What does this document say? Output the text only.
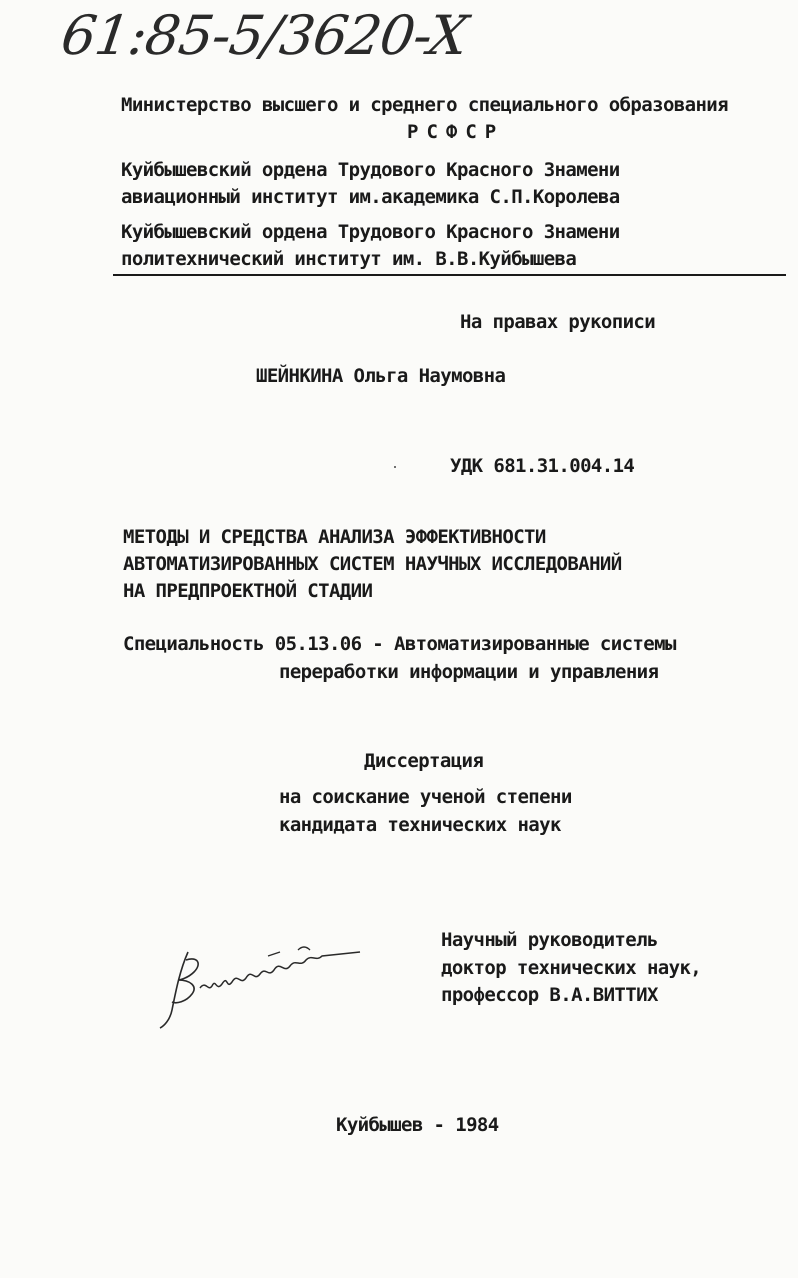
61:85-5/3620-X
Министерство высшего и среднего специального образования
РСФСР
Куйбышевский ордена Трудового Красного Знамени
авиационный институт им.академика С.П.Королева
Куйбышевский ордена Трудового Красного Знамени
политехнический институт им. В.В.Куйбышева
На правах рукописи
ШЕЙНКИНА Ольга Наумовна
УДК 681.31.004.14
МЕТОДЫ И СРЕДСТВА АНАЛИЗА ЭФФЕКТИВНОСТИ
АВТОМАТИЗИРОВАННЫХ СИСТЕМ НАУЧНЫХ ИССЛЕДОВАНИЙ
НА ПРЕДПРОЕКТНОЙ СТАДИИ
Специальность 05.13.06 - Автоматизированные системы
переработки информации и управления
Диссертация
на соискание ученой степени
кандидата технических наук
Научный руководитель
доктор технических наук,
профессор В.А.ВИТТИХ
Куйбышев - 1984
